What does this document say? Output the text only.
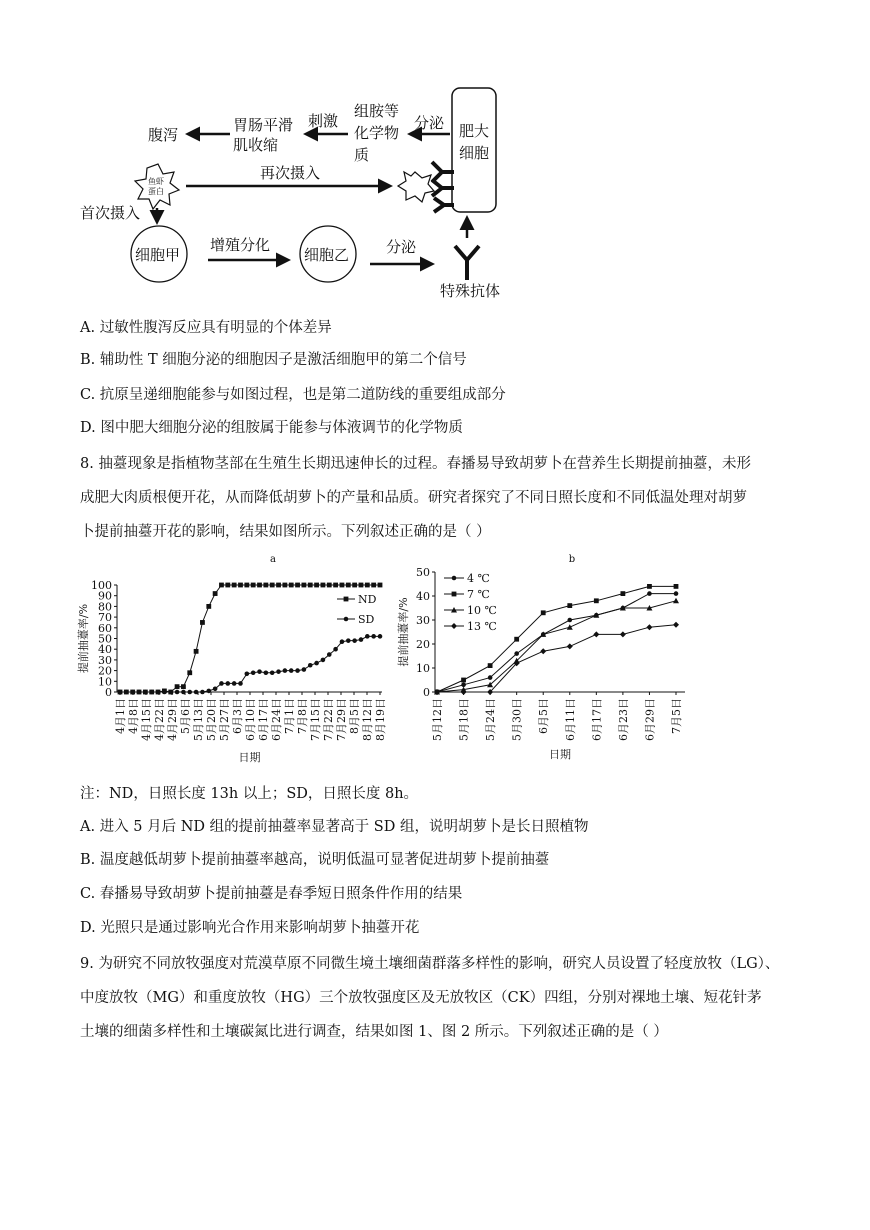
腹泻
胃肠平滑
肌收缩
刺激
组胺等
化学物
质
分泌 肥大
细胞
鱼虾
蛋白
再次摄入
首次摄入
细胞甲
增殖分化
细胞乙 分泌
特殊抗体
A. 过敏性腹泻反应具有明显的个体差异
B. 辅助性 T 细胞分泌的细胞因子是激活细胞甲的第二个信号
C. 抗原呈递细胞能参与如图过程，也是第二道防线的重要组成部分
D. 图中肥大细胞分泌的组胺属于能参与体液调节的化学物质
8. 抽薹现象是指植物茎部在生殖生长期迅速伸长的过程。春播易导致胡萝卜在营养生长期提前抽薹，未形
成肥大肉质根便开花，从而降低胡萝卜的产量和品质。研究者探究了不同日照长度和不同低温处理对胡萝
卜提前抽薹开花的影响，结果如图所示。下列叙述正确的是（ ）
a
0
10
20
30
40
50
60
70
80
90
100
提前抽薹率/%
4月1日 4月8日 4月15日 4月22日 4月29日 5月6日 5月13日 5月20日 5月27日 6月3日 6月10日 6月17日 6月24日 7月1日 7月8日 7月15日 7月22日 7月29日 8月5日 8月12日 8月19日
日期
ND
SD
b
0
10
20
30
40
50
提前抽薹率/%
5月12日 5月18日 5月24日 5月30日 6月5日 6月11日 6月17日 6月23日 6月29日 7月5日
日期
4 ℃
7 ℃
10 ℃
13 ℃
注：ND，日照长度 13h 以上；SD，日照长度 8h。
A. 进入 5 月后 ND 组的提前抽薹率显著高于 SD 组，说明胡萝卜是长日照植物
B. 温度越低胡萝卜提前抽薹率越高，说明低温可显著促进胡萝卜提前抽薹
C. 春播易导致胡萝卜提前抽薹是春季短日照条件作用的结果
D. 光照只是通过影响光合作用来影响胡萝卜抽薹开花
9. 为研究不同放牧强度对荒漠草原不同微生境土壤细菌群落多样性的影响，研究人员设置了轻度放牧（LG）、
中度放牧（MG）和重度放牧（HG）三个放牧强度区及无放牧区（CK）四组，分别对裸地土壤、短花针茅
土壤的细菌多样性和土壤碳氮比进行调查，结果如图 1、图 2 所示。下列叙述正确的是（ ）
